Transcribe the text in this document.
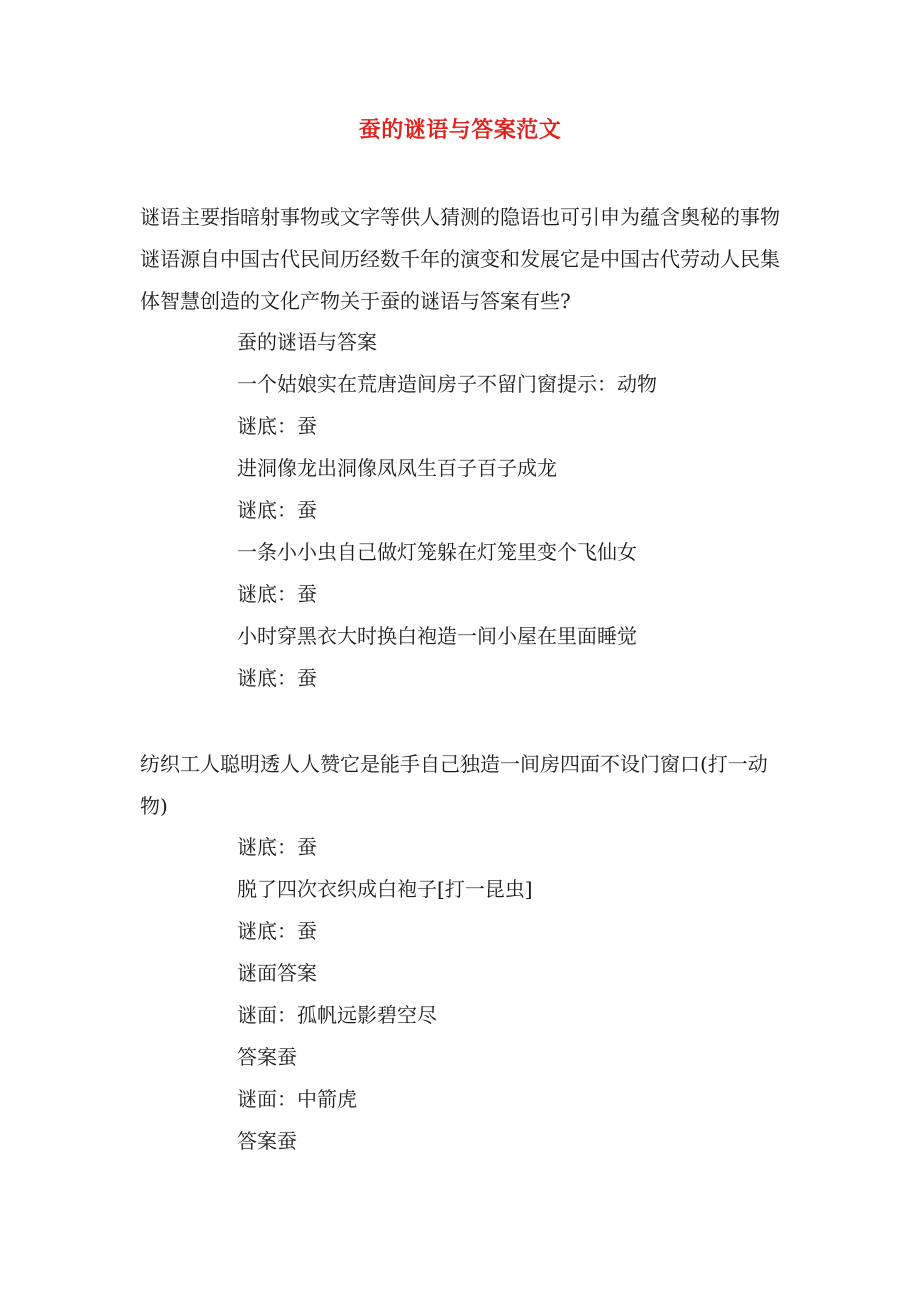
蚕的谜语与答案范文

谜语主要指暗射事物或文字等供人猜测的隐语也可引申为蕴含奥秘的事物谜语源自中国古代民间历经数千年的演变和发展它是中国古代劳动人民集体智慧创造的文化产物关于蚕的谜语与答案有些?

蚕的谜语与答案
一个姑娘实在荒唐造间房子不留门窗提示：动物
谜底：蚕
进洞像龙出洞像凤凤生百子百子成龙
谜底：蚕
一条小小虫自己做灯笼躲在灯笼里变个飞仙女
谜底：蚕
小时穿黑衣大时换白袍造一间小屋在里面睡觉
谜底：蚕

纺织工人聪明透人人赞它是能手自己独造一间房四面不设门窗口(打一动物)

谜底：蚕
脱了四次衣织成白袍子[打一昆虫]
谜底：蚕
谜面答案
谜面：孤帆远影碧空尽
答案蚕
谜面：中箭虎
答案蚕
